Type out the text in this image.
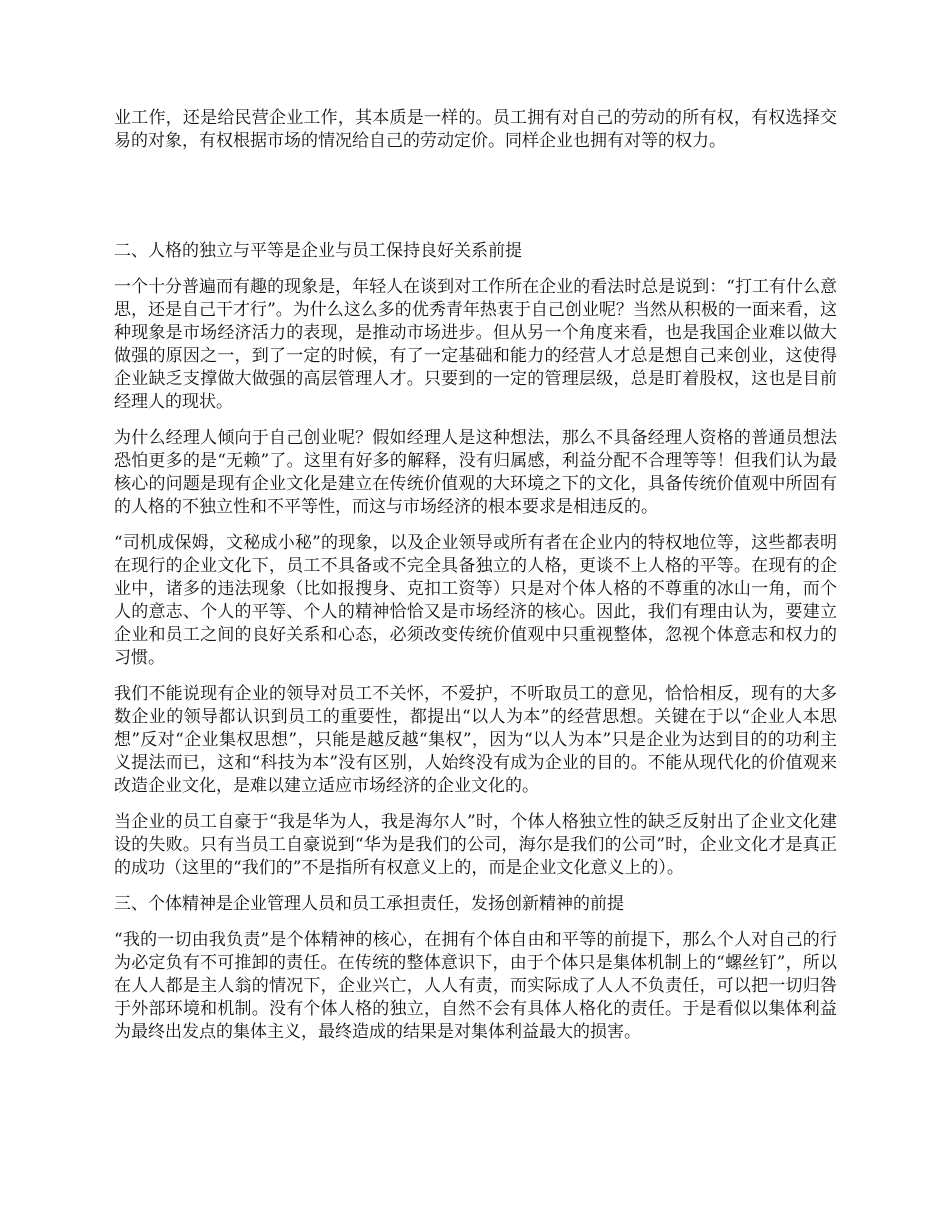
业工作，还是给民营企业工作，其本质是一样的。员工拥有对自己的劳动的所有权，有权选择交易的对象，有权根据市场的情况给自己的劳动定价。同样企业也拥有对等的权力。

二、人格的独立与平等是企业与员工保持良好关系前提

一个十分普遍而有趣的现象是，年轻人在谈到对工作所在企业的看法时总是说到：“打工有什么意思，还是自己干才行”。为什么这么多的优秀青年热衷于自己创业呢？当然从积极的一面来看，这种现象是市场经济活力的表现，是推动市场进步。但从另一个角度来看，也是我国企业难以做大做强的原因之一，到了一定的时候，有了一定基础和能力的经营人才总是想自己来创业，这使得企业缺乏支撑做大做强的高层管理人才。只要到的一定的管理层级，总是盯着股权，这也是目前经理人的现状。

为什么经理人倾向于自己创业呢？假如经理人是这种想法，那么不具备经理人资格的普通员想法恐怕更多的是“无赖”了。这里有好多的解释，没有归属感，利益分配不合理等等！但我们认为最核心的问题是现有企业文化是建立在传统价值观的大环境之下的文化，具备传统价值观中所固有的人格的不独立性和不平等性，而这与市场经济的根本要求是相违反的。

“司机成保姆，文秘成小秘”的现象，以及企业领导或所有者在企业内的特权地位等，这些都表明在现行的企业文化下，员工不具备或不完全具备独立的人格，更谈不上人格的平等。在现有的企业中，诸多的违法现象（比如报搜身、克扣工资等）只是对个体人格的不尊重的冰山一角，而个人的意志、个人的平等、个人的精神恰恰又是市场经济的核心。因此，我们有理由认为，要建立企业和员工之间的良好关系和心态，必须改变传统价值观中只重视整体，忽视个体意志和权力的习惯。

我们不能说现有企业的领导对员工不关怀，不爱护，不听取员工的意见，恰恰相反，现有的大多数企业的领导都认识到员工的重要性，都提出“以人为本”的经营思想。关键在于以“企业人本思想”反对“企业集权思想”，只能是越反越“集权”，因为“以人为本”只是企业为达到目的的功利主义提法而已，这和“科技为本”没有区别，人始终没有成为企业的目的。不能从现代化的价值观来改造企业文化，是难以建立适应市场经济的企业文化的。

当企业的员工自豪于“我是华为人，我是海尔人”时，个体人格独立性的缺乏反射出了企业文化建设的失败。只有当员工自豪说到“华为是我们的公司，海尔是我们的公司”时，企业文化才是真正的成功（这里的“我们的”不是指所有权意义上的，而是企业文化意义上的）。

三、个体精神是企业管理人员和员工承担责任，发扬创新精神的前提

“我的一切由我负责”是个体精神的核心，在拥有个体自由和平等的前提下，那么个人对自己的行为必定负有不可推卸的责任。在传统的整体意识下，由于个体只是集体机制上的“螺丝钉”，所以在人人都是主人翁的情况下，企业兴亡，人人有责，而实际成了人人不负责任，可以把一切归咎于外部环境和机制。没有个体人格的独立，自然不会有具体人格化的责任。于是看似以集体利益为最终出发点的集体主义，最终造成的结果是对集体利益最大的损害。
